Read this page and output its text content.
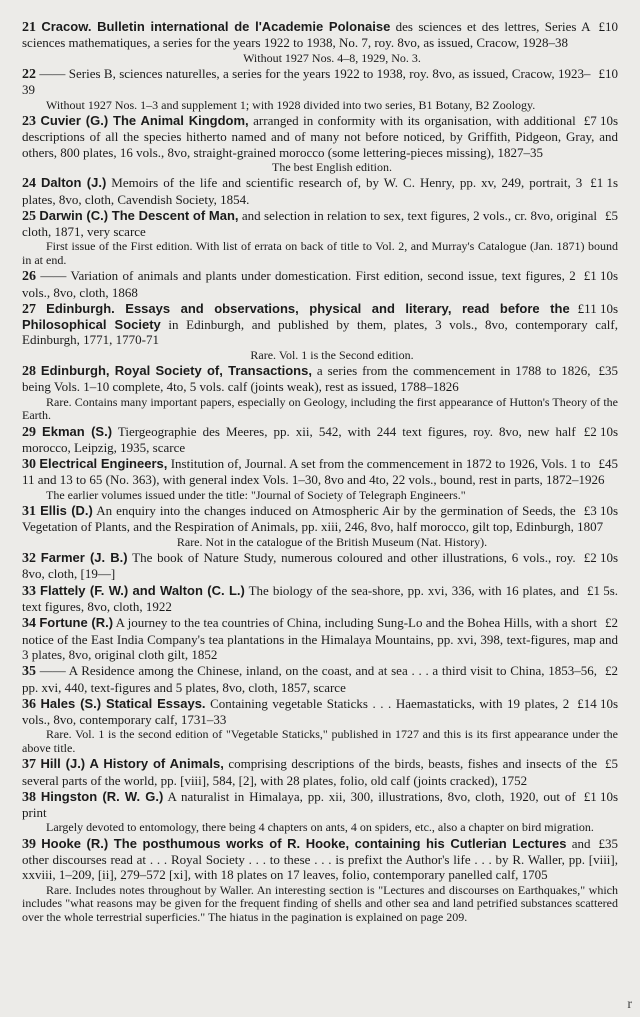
£10
21 Cracow. Bulletin international de l'Academie Polonaise des sciences et des lettres, Series A sciences mathematiques, a series for the years 1922 to 1938, No. 7, roy. 8vo, as issued, Cracow, 1928–38
Without 1927 Nos. 4–8, 1929, No. 3.
£10
22 —— Series B, sciences naturelles, a series for the years 1922 to 1938, roy. 8vo, as issued, Cracow, 1923–39
Without 1927 Nos. 1–3 and supplement 1; with 1928 divided into two series, B1 Botany, B2 Zoology.
£7 10s
23 Cuvier (G.) The Animal Kingdom, arranged in conformity with its organisation, with additional descriptions of all the species hitherto named and of many not before noticed, by Griffith, Pidgeon, Gray, and others, 800 plates, 16 vols., 8vo, straight-grained morocco (some lettering-pieces missing), 1827–35
The best English edition.
£1 1s
24 Dalton (J.) Memoirs of the life and scientific research of, by W. C. Henry, pp. xv, 249, portrait, 3 plates, 8vo, cloth, Cavendish Society, 1854.
£5
25 Darwin (C.) The Descent of Man, and selection in relation to sex, text figures, 2 vols., cr. 8vo, original cloth, 1871, very scarce
First issue of the First edition. With list of errata on back of title to Vol. 2, and Murray's Catalogue (Jan. 1871) bound in at end.
£1 10s
26 —— Variation of animals and plants under domestication. First edition, second issue, text figures, 2 vols., 8vo, cloth, 1868
£11 10s
27 Edinburgh. Essays and observations, physical and literary, read before the Philosophical Society in Edinburgh, and published by them, plates, 3 vols., 8vo, contemporary calf, Edinburgh, 1771, 1770-71
Rare. Vol. 1 is the Second edition.
£35
28 Edinburgh, Royal Society of, Transactions, a series from the commencement in 1788 to 1826, being Vols. 1–10 complete, 4to, 5 vols. calf (joints weak), rest as issued, 1788–1826
Rare. Contains many important papers, especially on Geology, including the first appearance of Hutton's Theory of the Earth.
£2 10s
29 Ekman (S.) Tiergeographie des Meeres, pp. xii, 542, with 244 text figures, roy. 8vo, new half morocco, Leipzig, 1935, scarce
£45
30 Electrical Engineers, Institution of, Journal. A set from the commencement in 1872 to 1926, Vols. 1 to 11 and 13 to 65 (No. 363), with general index Vols. 1–30, 8vo and 4to, 22 vols., bound, rest in parts, 1872–1926
The earlier volumes issued under the title: "Journal of Society of Telegraph Engineers."
£3 10s
31 Ellis (D.) An enquiry into the changes induced on Atmospheric Air by the germination of Seeds, the Vegetation of Plants, and the Respiration of Animals, pp. xiii, 246, 8vo, half morocco, gilt top, Edinburgh, 1807
Rare. Not in the catalogue of the British Museum (Nat. History).
£2 10s
32 Farmer (J. B.) The book of Nature Study, numerous coloured and other illustrations, 6 vols., roy. 8vo, cloth, [19—]
£1 5s.
33 Flattely (F. W.) and Walton (C. L.) The biology of the sea-shore, pp. xvi, 336, with 16 plates, and text figures, 8vo, cloth, 1922
£2
34 Fortune (R.) A journey to the tea countries of China, including Sung-Lo and the Bohea Hills, with a short notice of the East India Company's tea plantations in the Himalaya Mountains, pp. xvi, 398, text-figures, map and 3 plates, 8vo, original cloth gilt, 1852
£2
35 —— A Residence among the Chinese, inland, on the coast, and at sea . . . a third visit to China, 1853–56, pp. xvi, 440, text-figures and 5 plates, 8vo, cloth, 1857, scarce
£14 10s
36 Hales (S.) Statical Essays. Containing vegetable Staticks . . . Haemastaticks, with 19 plates, 2 vols., 8vo, contemporary calf, 1731–33
Rare. Vol. 1 is the second edition of "Vegetable Staticks," published in 1727 and this is its first appearance under the above title.
£5
37 Hill (J.) A History of Animals, comprising descriptions of the birds, beasts, fishes and insects of the several parts of the world, pp. [viii], 584, [2], with 28 plates, folio, old calf (joints cracked), 1752
£1 10s
38 Hingston (R. W. G.) A naturalist in Himalaya, pp. xii, 300, illustrations, 8vo, cloth, 1920, out of print
Largely devoted to entomology, there being 4 chapters on ants, 4 on spiders, etc., also a chapter on bird migration.
£35
39 Hooke (R.) The posthumous works of R. Hooke, containing his Cutlerian Lectures and other discourses read at . . . Royal Society . . . to these . . . is prefixt the Author's life . . . by R. Waller, pp. [viii], xxviii, 1–209, [ii], 279–572 [xi], with 18 plates on 17 leaves, folio, contemporary panelled calf, 1705
Rare. Includes notes throughout by Waller. An interesting section is "Lectures and discourses on Earthquakes," which includes "what reasons may be given for the frequent finding of shells and other sea and land petrified substances scattered over the whole terrestrial superficies." The hiatus in the pagination is explained on page 209.
r
